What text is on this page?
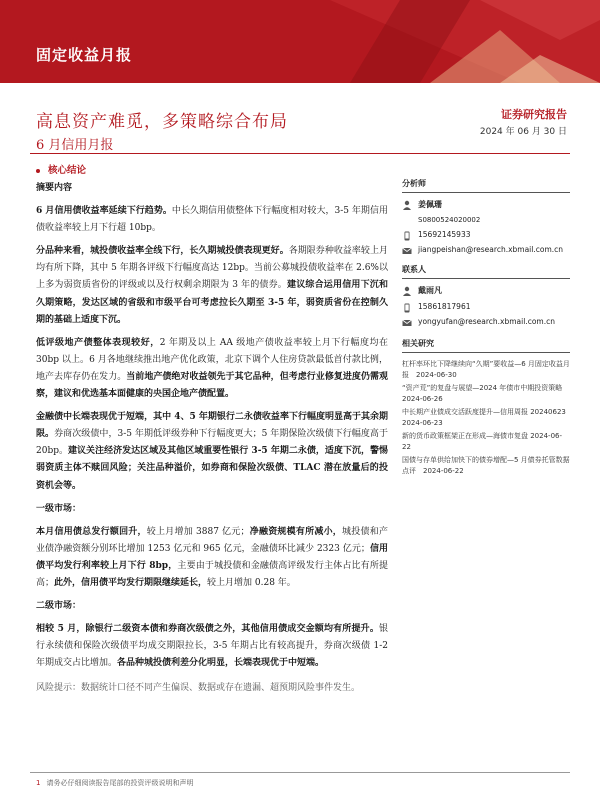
固定收益月报
证券研究报告
2024 年 06 月 30 日
高息资产难觅，多策略综合布局
6 月信用月报
核心结论

摘要内容

6 月信用债收益率延续下行趋势。中长久期信用债整体下行幅度相对较大，3-5 年期信用债收益率较上月下行超 10bp。

分品种来看，城投债收益率全线下行，长久期城投债表现更好。各期限券种收益率较上月均有所下降，其中 5 年期各评级下行幅度高达 12bp。当前公募城投债收益率在 2.6%以上多为弱资质省份的评级或以及行权剩余期限为 3 年的债券。建议综合运用信用下沉和久期策略，发达区域的省级和市级平台可考虑拉长久期至 3-5 年，弱资质省份在控制久期的基础上适度下沉。

低评级地产债整体表现较好，2 年期及以上 AA 级地产债收益率较上月下行幅度均在 30bp 以上。6 月各地继续推出地产优化政策，北京下调个人住房贷款最低首付款比例，地产去库存仍在发力。当前地产债绝对收益领先于其它品种，但考虑行业修复进度仍需观察，建议和优选基本面健康的央国企地产债配置。

金融债中长端表现优于短端，其中 4、5 年期银行二永债收益率下行幅度明显高于其余期限。券商次级债中，3-5 年期低评级券种下行幅度更大；5 年期保险次级债下行幅度高于 20bp。建议关注经济发达区域及其他区域重要性银行 3-5 年期二永债，适度下沉，警惕弱资质主体不赎回风险；关注品种溢价，如券商和保险次级债、TLAC 潜在放量后的投资机会等。

一级市场：

本月信用债总发行额回升，较上月增加 3887 亿元；净融资规模有所减小，城投债和产业债净融资额分别环比增加 1253 亿元和 965 亿元，金融债环比减少 2323 亿元；信用债平均发行利率较上月下行 8bp，主要由于城投债和金融债高评级发行主体占比有所提高；此外，信用债平均发行期限继续延长，较上月增加 0.28 年。

二级市场：

相较 5 月，除银行二级资本债和券商次级债之外，其他信用债成交金额均有所提升。银行永续债和保险次级债平均成交期限拉长，3-5 年期占比有较高提升，券商次级债 1-2 年期成交占比增加。各品种城投债利差分化明显，长端表现优于中短端。

风险提示：数据统计口径不同产生偏误、数据或存在遗漏、超预期风险事件发生。

分析师
姜佩珊
S0800524020002
15692145933
jiangpeishan@research.xbmail.com.cn
联系人
戴雨凡
15861817961
yongyufan@research.xbmail.com.cn
相关研究
杠杆率环比下降继续向“久期”要收益—6 月固定收益月报　2024-06-30
“资产荒”的复盘与展望—2024 年债市中期投资策略　2024-06-26
中长期产业债成交活跃度提升—信用周报 20240623　2024-06-23
新的货币政策框架正在形成—海债市复盘 2024-06-22
国债与存单供给加快下的债券增配—5 月债券托管数据点评　2024-06-22
1 请务必仔细阅读报告尾部的投资评级说明和声明
